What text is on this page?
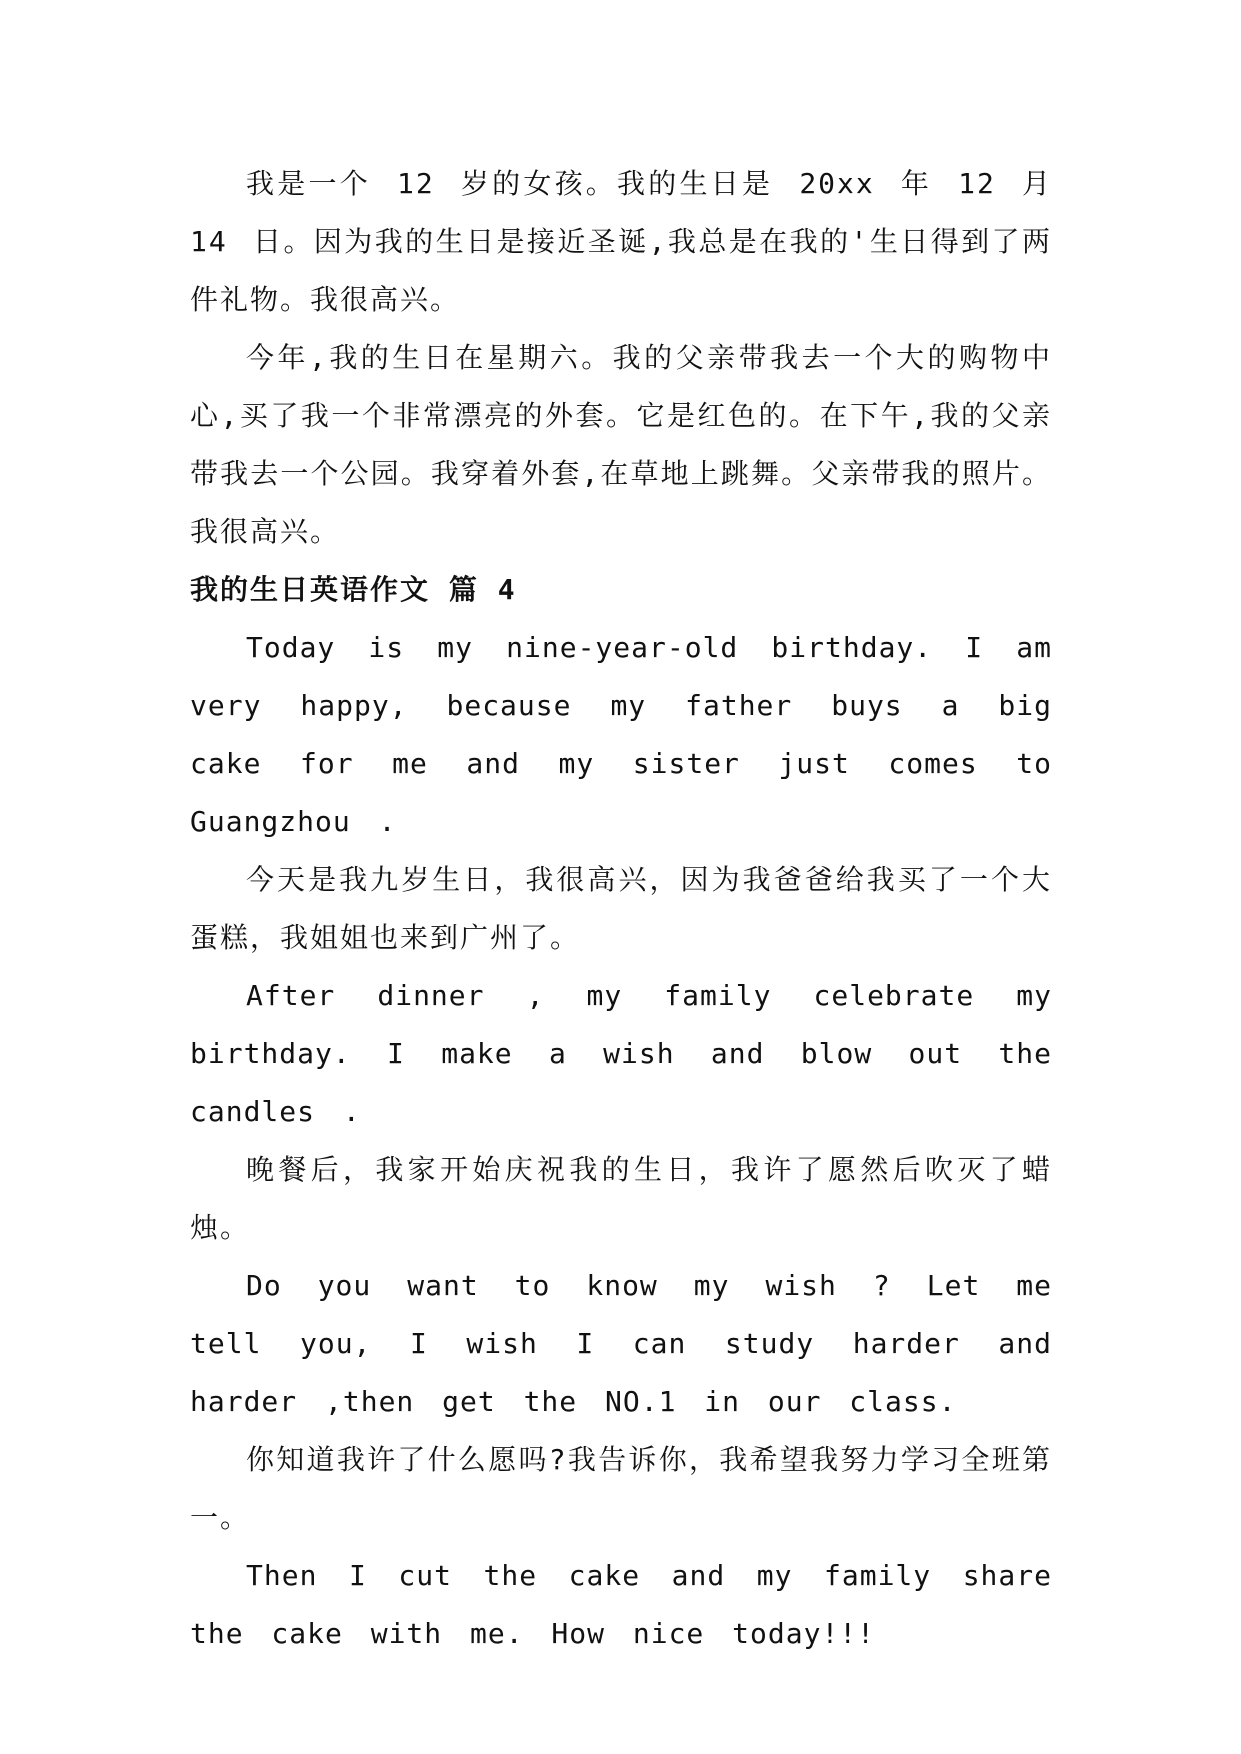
我是一个 12 岁的女孩。我的生日是 20xx 年 12 月 14 日。因为我的生日是接近圣诞,我总是在我的'生日得到了两件礼物。我很高兴。

今年,我的生日在星期六。我的父亲带我去一个大的购物中心,买了我一个非常漂亮的外套。它是红色的。在下午,我的父亲带我去一个公园。我穿着外套,在草地上跳舞。父亲带我的照片。我很高兴。

我的生日英语作文 篇 4

Today is my nine-year-old birthday. I am very happy, because my father buys a big cake for me and my sister just comes to Guangzhou .

今天是我九岁生日，我很高兴，因为我爸爸给我买了一个大蛋糕，我姐姐也来到广州了。

After dinner , my family celebrate my birthday. I make a wish and blow out the candles .

晚餐后，我家开始庆祝我的生日，我许了愿然后吹灭了蜡烛。

Do you want to know my wish ? Let me tell you, I wish I can study harder and harder ,then get the NO.1 in our class.

你知道我许了什么愿吗?我告诉你，我希望我努力学习全班第一。

Then I cut the cake and my family share the cake with me. How nice today!!!
